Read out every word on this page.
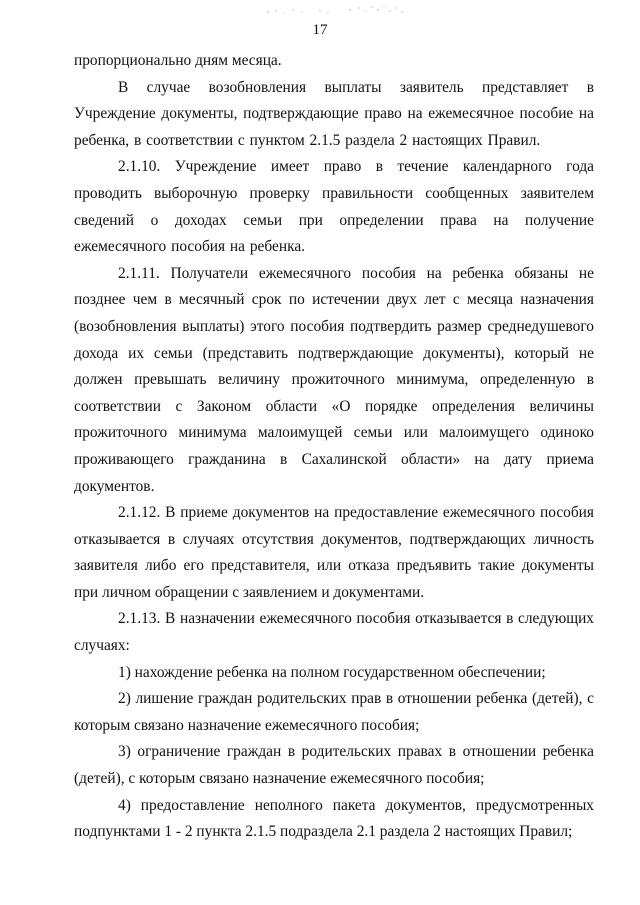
17

пропорционально дням месяца.

В случае возобновления выплаты заявитель представляет в Учреждение документы, подтверждающие право на ежемесячное пособие на ребенка, в соответствии с пунктом 2.1.5 раздела 2 настоящих Правил.

2.1.10. Учреждение имеет право в течение календарного года проводить выборочную проверку правильности сообщенных заявителем сведений о доходах семьи при определении права на получение ежемесячного пособия на ребенка.

2.1.11. Получатели ежемесячного пособия на ребенка обязаны не позднее чем в месячный срок по истечении двух лет с месяца назначения (возобновления выплаты) этого пособия подтвердить размер среднедушевого дохода их семьи (представить подтверждающие документы), который не должен превышать величину прожиточного минимума, определенную в соответствии с Законом области «О порядке определения величины прожиточного минимума малоимущей семьи или малоимущего одиноко проживающего гражданина в Сахалинской области» на дату приема документов.

2.1.12. В приеме документов на предоставление ежемесячного пособия отказывается в случаях отсутствия документов, подтверждающих личность заявителя либо его представителя, или отказа предъявить такие документы при личном обращении с заявлением и документами.

2.1.13. В назначении ежемесячного пособия отказывается в следующих случаях:

1) нахождение ребенка на полном государственном обеспечении;

2) лишение граждан родительских прав в отношении ребенка (детей), с которым связано назначение ежемесячного пособия;

3) ограничение граждан в родительских правах в отношении ребенка (детей), с которым связано назначение ежемесячного пособия;

4) предоставление неполного пакета документов, предусмотренных подпунктами 1 - 2 пункта 2.1.5 подраздела 2.1 раздела 2 настоящих Правил;
